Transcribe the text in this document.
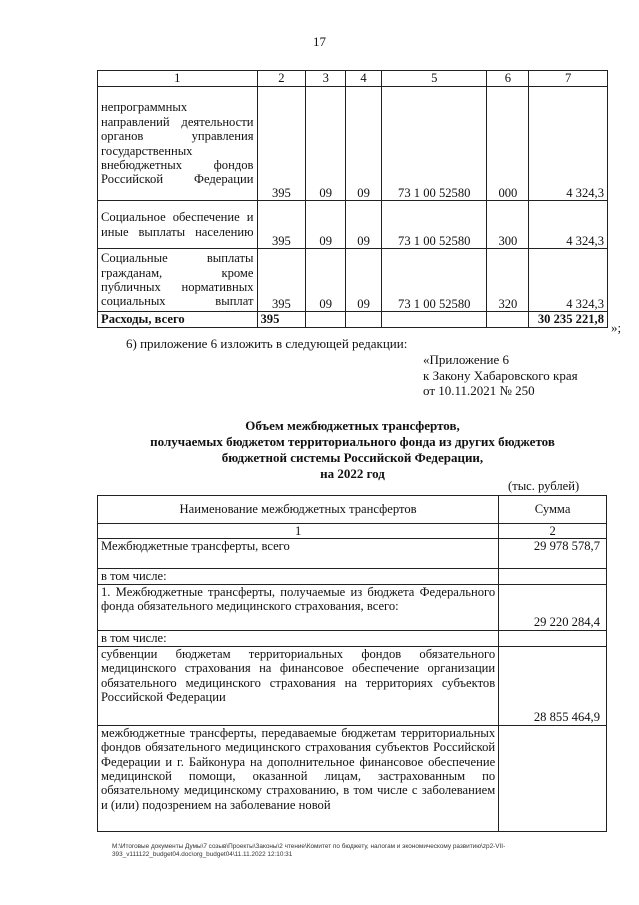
17
1	2	3	4	5	6	7
непрограммных направлений деятельности органов управления государственных внебюджетных фондов Российской Федерации	395	09	09	73 1 00 52580	000	4 324,3
Социальное обеспечение и иные выплаты населению	395	09	09	73 1 00 52580	300	4 324,3
Социальные выплаты гражданам, кроме публичных нормативных социальных выплат	395	09	09	73 1 00 52580	320	4 324,3
Расходы, всего	395					30 235 221,8
»;
6) приложение 6 изложить в следующей редакции:
«Приложение 6
к Закону Хабаровского края
от 10.11.2021 № 250
Объем межбюджетных трансфертов,
получаемых бюджетом территориального фонда из других бюджетов
бюджетной системы Российской Федерации,
на 2022 год
(тыс. рублей)
Наименование межбюджетных трансфертов	Сумма
1	2
Межбюджетные трансферты, всего	29 978 578,7
в том числе:	
1. Межбюджетные трансферты, получаемые из бюджета Федерального фонда обязательного медицинского страхования, всего:	29 220 284,4
в том числе:	
субвенции бюджетам территориальных фондов обязательного медицинского страхования на финансовое обеспечение организации обязательного медицинского страхования на территориях субъектов Российской Федерации	28 855 464,9
межбюджетные трансферты, передаваемые бюджетам территориальных фондов обязательного медицинского страхования субъектов Российской Федерации и г. Байконура на дополнительное финансовое обеспечение медицинской помощи, оказанной лицам, застрахованным по обязательному медицинскому страхованию, в том числе с заболеванием и (или) подозрением на заболевание новой	
M:\Итоговые документы Думы\7 созыв\Проекты\Законы\2 чтение\Комитет по бюджету, налогам и экономическому развитию\zp2-VII-393_v111122_budget04.doc\org_budget04\11.11.2022 12:10:31
